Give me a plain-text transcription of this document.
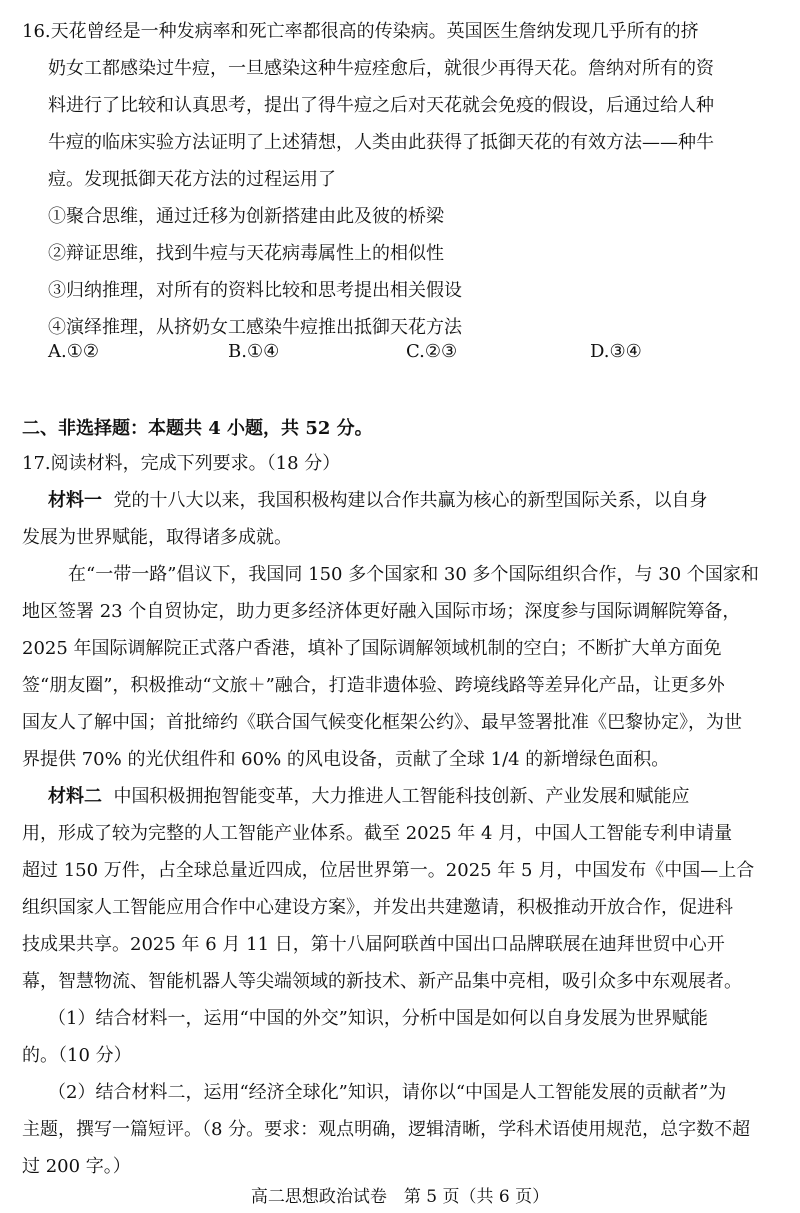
16.天花曾经是一种发病率和死亡率都很高的传染病。英国医生詹纳发现几乎所有的挤
奶女工都感染过牛痘，一旦感染这种牛痘痊愈后，就很少再得天花。詹纳对所有的资
料进行了比较和认真思考，提出了得牛痘之后对天花就会免疫的假设，后通过给人种
牛痘的临床实验方法证明了上述猜想，人类由此获得了抵御天花的有效方法——种牛
痘。发现抵御天花方法的过程运用了
①聚合思维，通过迁移为创新搭建由此及彼的桥梁
②辩证思维，找到牛痘与天花病毒属性上的相似性
③归纳推理，对所有的资料比较和思考提出相关假设
④演绎推理，从挤奶女工感染牛痘推出抵御天花方法
A.①②	B.①④	C.②③	D.③④
二、非选择题：本题共 4 小题，共 52 分。
17.阅读材料，完成下列要求。（18 分）
材料一  党的十八大以来，我国积极构建以合作共赢为核心的新型国际关系，以自身
发展为世界赋能，取得诸多成就。
在“一带一路”倡议下，我国同 150 多个国家和 30 多个国际组织合作，与 30 个国家和
地区签署 23 个自贸协定，助力更多经济体更好融入国际市场；深度参与国际调解院筹备，
2025 年国际调解院正式落户香港，填补了国际调解领域机制的空白；不断扩大单方面免
签“朋友圈”，积极推动“文旅＋”融合，打造非遗体验、跨境线路等差异化产品，让更多外
国友人了解中国；首批缔约《联合国气候变化框架公约》、最早签署批准《巴黎协定》，为世
界提供 70% 的光伏组件和 60% 的风电设备，贡献了全球 1/4 的新增绿色面积。
材料二  中国积极拥抱智能变革，大力推进人工智能科技创新、产业发展和赋能应
用，形成了较为完整的人工智能产业体系。截至 2025 年 4 月，中国人工智能专利申请量
超过 150 万件，占全球总量近四成，位居世界第一。2025 年 5 月，中国发布《中国—上合
组织国家人工智能应用合作中心建设方案》，并发出共建邀请，积极推动开放合作，促进科
技成果共享。2025 年 6 月 11 日，第十八届阿联酋中国出口品牌联展在迪拜世贸中心开
幕，智慧物流、智能机器人等尖端领域的新技术、新产品集中亮相，吸引众多中东观展者。
（1）结合材料一，运用“中国的外交”知识，分析中国是如何以自身发展为世界赋能
的。（10 分）
（2）结合材料二，运用“经济全球化”知识，请你以“中国是人工智能发展的贡献者”为
主题，撰写一篇短评。（8 分。要求：观点明确，逻辑清晰，学科术语使用规范，总字数不超
过 200 字。）
高二思想政治试卷　第 5 页（共 6 页）
